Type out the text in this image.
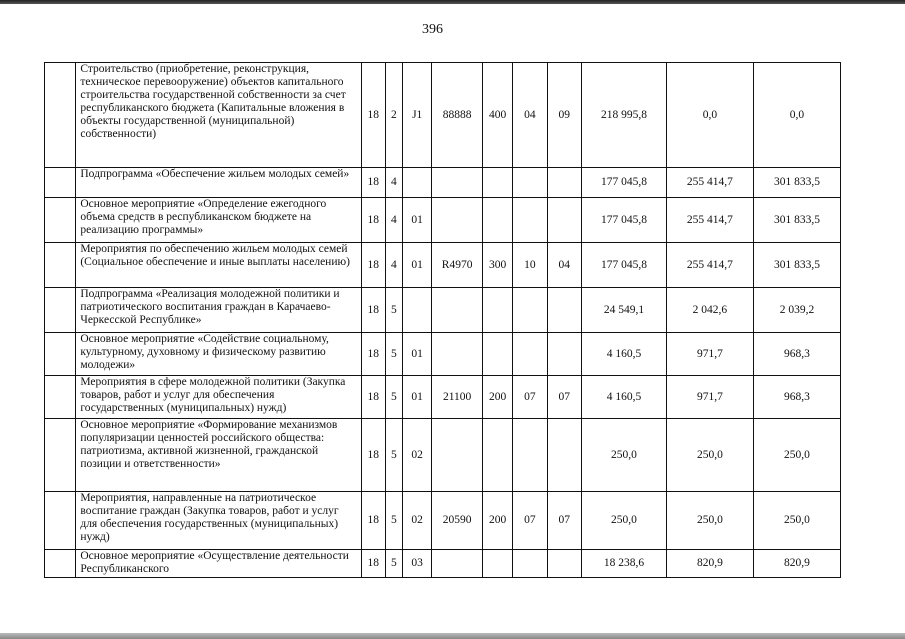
396
	Строительство (приобретение, реконструкция, техническое перевооружение) объектов капитального строительства государственной собственности за счет республиканского бюджета (Капитальные вложения в объекты государственной (муниципальной) собственности)	18	2	J1	88888	400	04	09	218 995,8	0,0	0,0
	Подпрограмма «Обеспечение жильем молодых семей»	18	4						177 045,8	255 414,7	301 833,5
	Основное мероприятие «Определение ежегодного объема средств в республиканском бюджете на реализацию программы»	18	4	01					177 045,8	255 414,7	301 833,5
	Мероприятия по обеспечению жильем молодых семей (Социальное обеспечение и иные выплаты населению)	18	4	01	R4970	300	10	04	177 045,8	255 414,7	301 833,5
	Подпрограмма «Реализация молодежной политики и патриотического воспитания граждан в Карачаево-Черкесской Республике»	18	5						24 549,1	2 042,6	2 039,2
	Основное мероприятие «Содействие социальному, культурному, духовному и физическому развитию молодежи»	18	5	01					4 160,5	971,7	968,3
	Мероприятия в сфере молодежной политики (Закупка товаров, работ и услуг для обеспечения государственных (муниципальных) нужд)	18	5	01	21100	200	07	07	4 160,5	971,7	968,3
	Основное мероприятие «Формирование механизмов популяризации ценностей российского общества: патриотизма, активной жизненной, гражданской позиции и ответственности»	18	5	02					250,0	250,0	250,0
	Мероприятия, направленные на патриотическое воспитание граждан (Закупка товаров, работ и услуг для обеспечения государственных (муниципальных) нужд)	18	5	02	20590	200	07	07	250,0	250,0	250,0
	Основное мероприятие «Осуществление деятельности Республиканского	18	5	03					18 238,6	820,9	820,9
